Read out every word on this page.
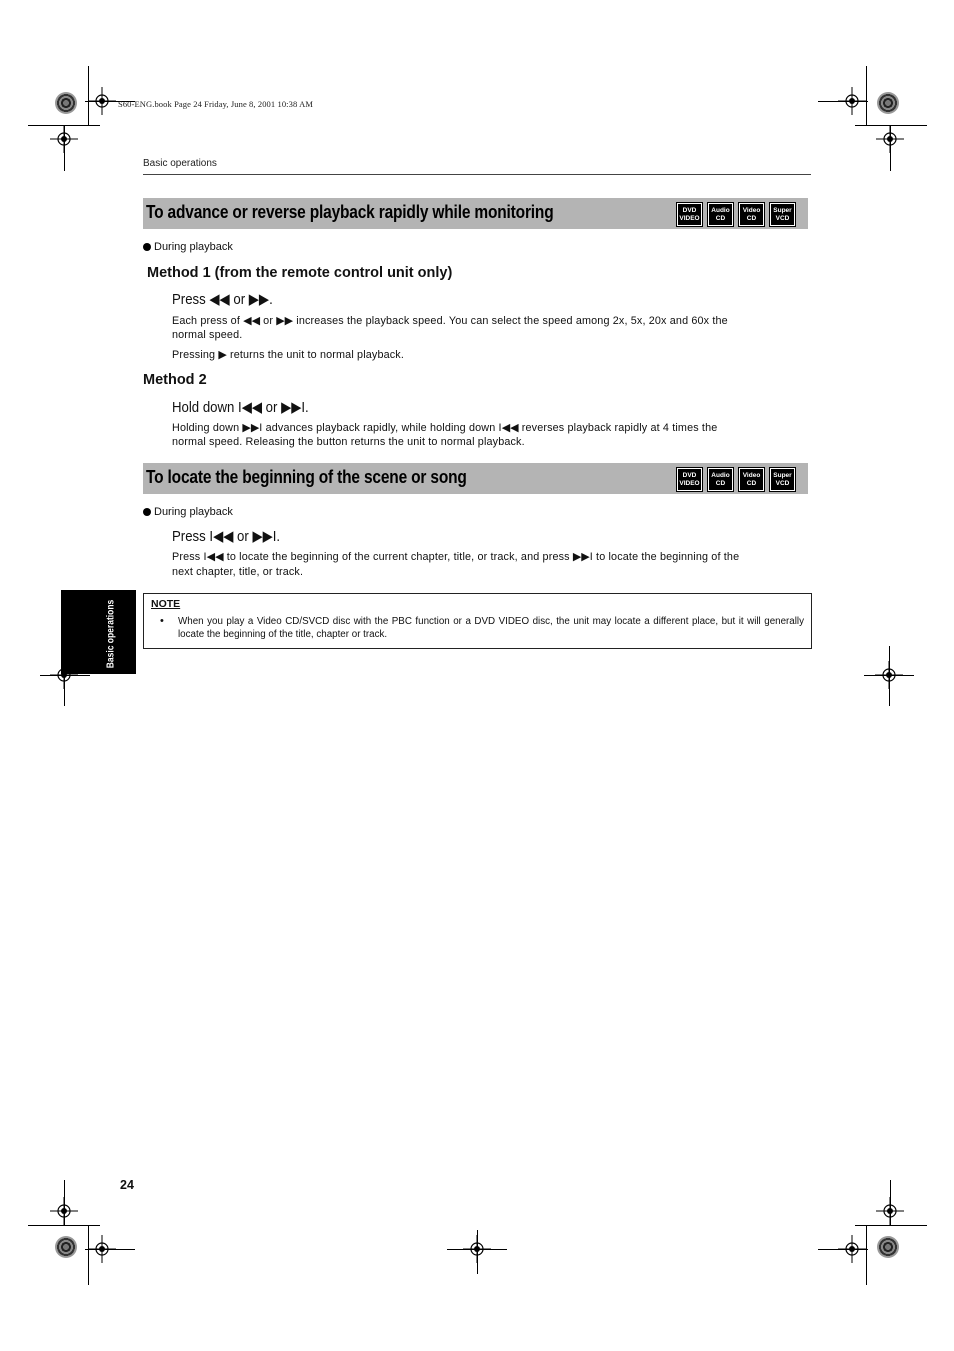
S60-ENG.book Page 24 Friday, June 8, 2001 10:38 AM
Basic operations
To advance or reverse playback rapidly while monitoring	DVD
VIDEO
Audio
CD
Video
CD
Super
VCD
During playback
Method 1 (from the remote control unit only)
Press ◀◀ or ▶▶.
Each press of ◀◀ or ▶▶ increases the playback speed. You can select the speed among 2x, 5x, 20x and 60x the
normal speed.
Pressing ▶ returns the unit to normal playback.
Method 2
Hold down I◀◀ or ▶▶I.
Holding down ▶▶I advances playback rapidly, while holding down I◀◀ reverses playback rapidly at 4 times the
normal speed. Releasing the button returns the unit to normal playback.
To locate the beginning of the scene or song	DVD
VIDEO
Audio
CD
Video
CD
Super
VCD
During playback
Press I◀◀ or ▶▶I.
Press I◀◀ to locate the beginning of the current chapter, title, or track, and press ▶▶I to locate the beginning of the
next chapter, title, or track.
NOTE
• When you play a Video CD/SVCD disc with the PBC function or a DVD VIDEO disc, the unit may locate a different place, but it will generally locate the beginning of the title, chapter or track.
Basic operations
24
